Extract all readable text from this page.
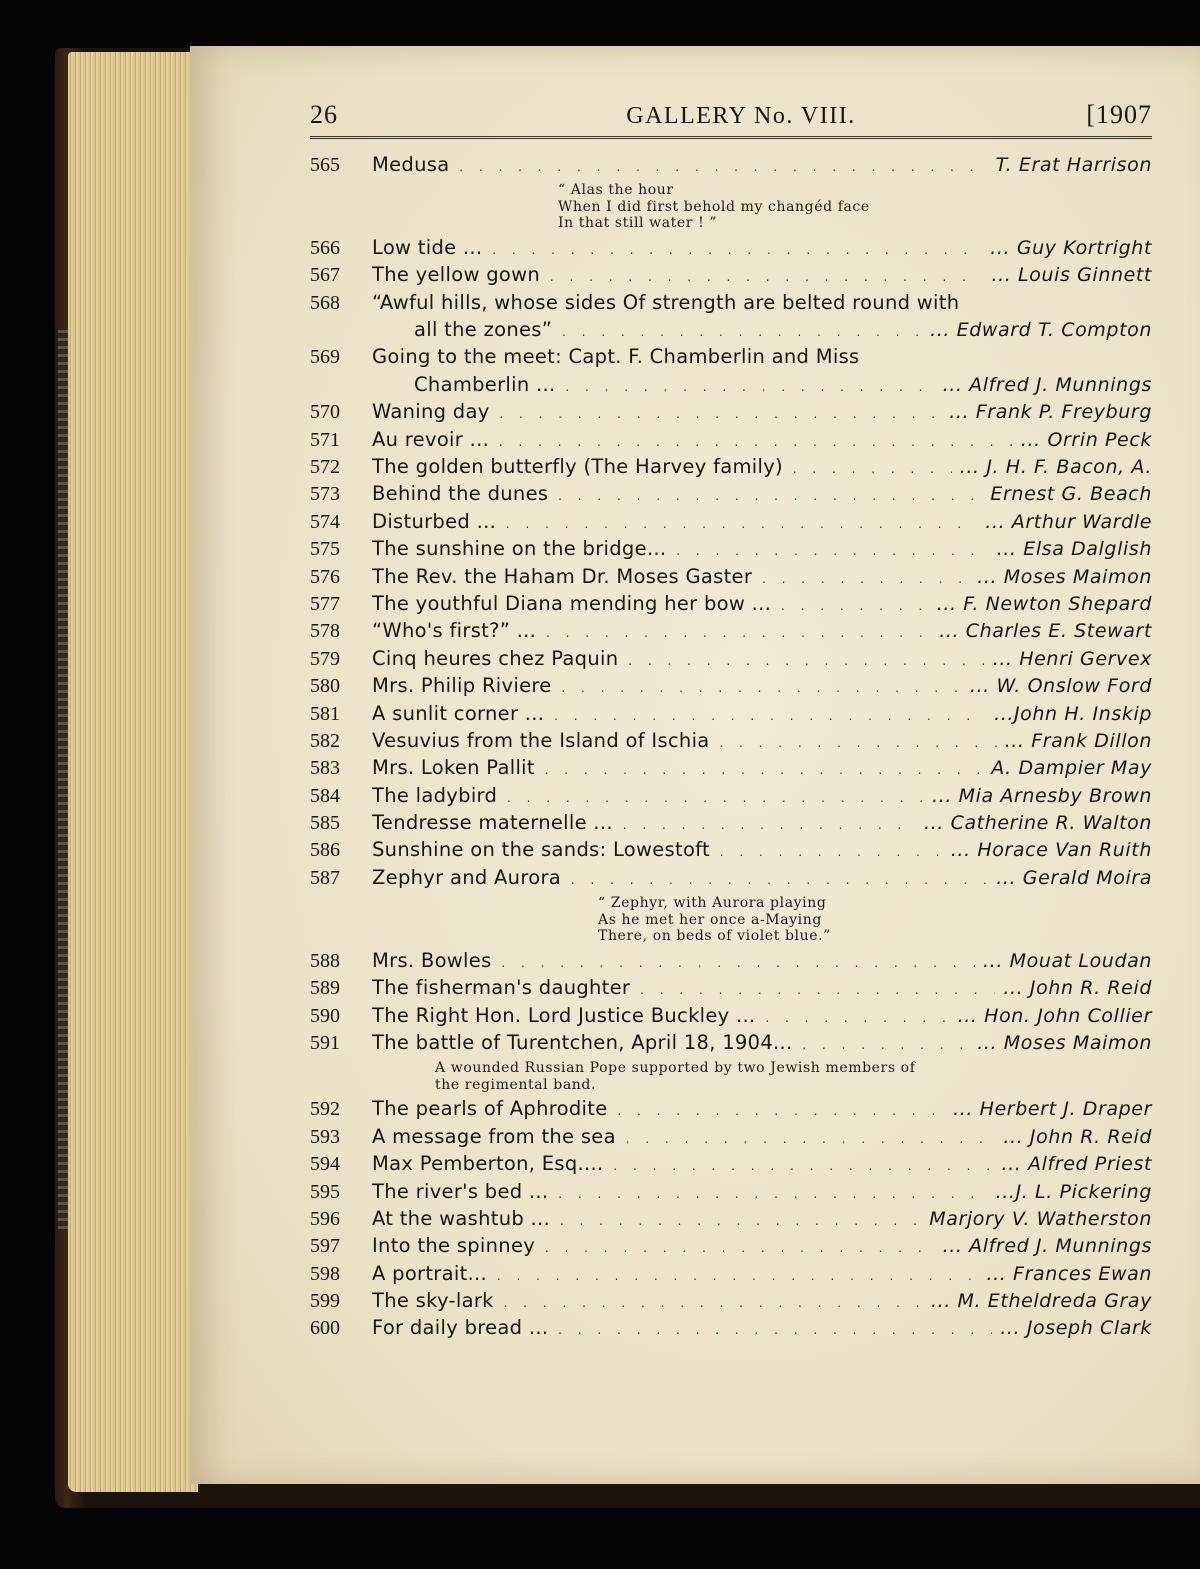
26	GALLERY No. VIII.	[1907
565	Medusa . . .	T. Erat Harrison
“ Alas the hour
When I did first behold my changéd face
In that still water ! ”
566	Low tide ... . . .	... Guy Kortright
567	The yellow gown . . .	... Louis Ginnett
568	“Awful hills, whose sides Of strength are belted round with
all the zones” . . .	... Edward T. Compton
569	Going to the meet: Capt. F. Chamberlin and Miss
Chamberlin ... . . .	... Alfred J. Munnings
570	Waning day . . .	... Frank P. Freyburg
571	Au revoir ... . . .	... Orrin Peck
572	The golden butterfly (The Harvey family) . . .	... J. H. F. Bacon, A.
573	Behind the dunes . . .	Ernest G. Beach
574	Disturbed ... . . .	... Arthur Wardle
575	The sunshine on the bridge... . . .	... Elsa Dalglish
576	The Rev. the Haham Dr. Moses Gaster . . .	... Moses Maimon
577	The youthful Diana mending her bow ... . . .	... F. Newton Shepard
578	“Who's first?” ... . . .	... Charles E. Stewart
579	Cinq heures chez Paquin . . .	... Henri Gervex
580	Mrs. Philip Riviere . . .	... W. Onslow Ford
581	A sunlit corner ... . . .	...John H. Inskip
582	Vesuvius from the Island of Ischia . . .	... Frank Dillon
583	Mrs. Loken Pallit . . .	A. Dampier May
584	The ladybird . . .	... Mia Arnesby Brown
585	Tendresse maternelle ... . . .	... Catherine R. Walton
586	Sunshine on the sands: Lowestoft . . .	... Horace Van Ruith
587	Zephyr and Aurora . . .	... Gerald Moira
“ Zephyr, with Aurora playing
As he met her once a-Maying
There, on beds of violet blue.”
588	Mrs. Bowles . . .	... Mouat Loudan
589	The fisherman's daughter . . .	... John R. Reid
590	The Right Hon. Lord Justice Buckley ... . . .	... Hon. John Collier
591	The battle of Turentchen, April 18, 1904... . . .	... Moses Maimon
A wounded Russian Pope supported by two Jewish members of
the regimental band.
592	The pearls of Aphrodite . . .	... Herbert J. Draper
593	A message from the sea . . .	... John R. Reid
594	Max Pemberton, Esq.... . . .	... Alfred Priest
595	The river's bed ... . . .	...J. L. Pickering
596	At the washtub ... . . .	Marjory V. Watherston
597	Into the spinney . . .	... Alfred J. Munnings
598	A portrait... . . .	... Frances Ewan
599	The sky-lark . . .	... M. Etheldreda Gray
600	For daily bread ... . . .	... Joseph Clark
